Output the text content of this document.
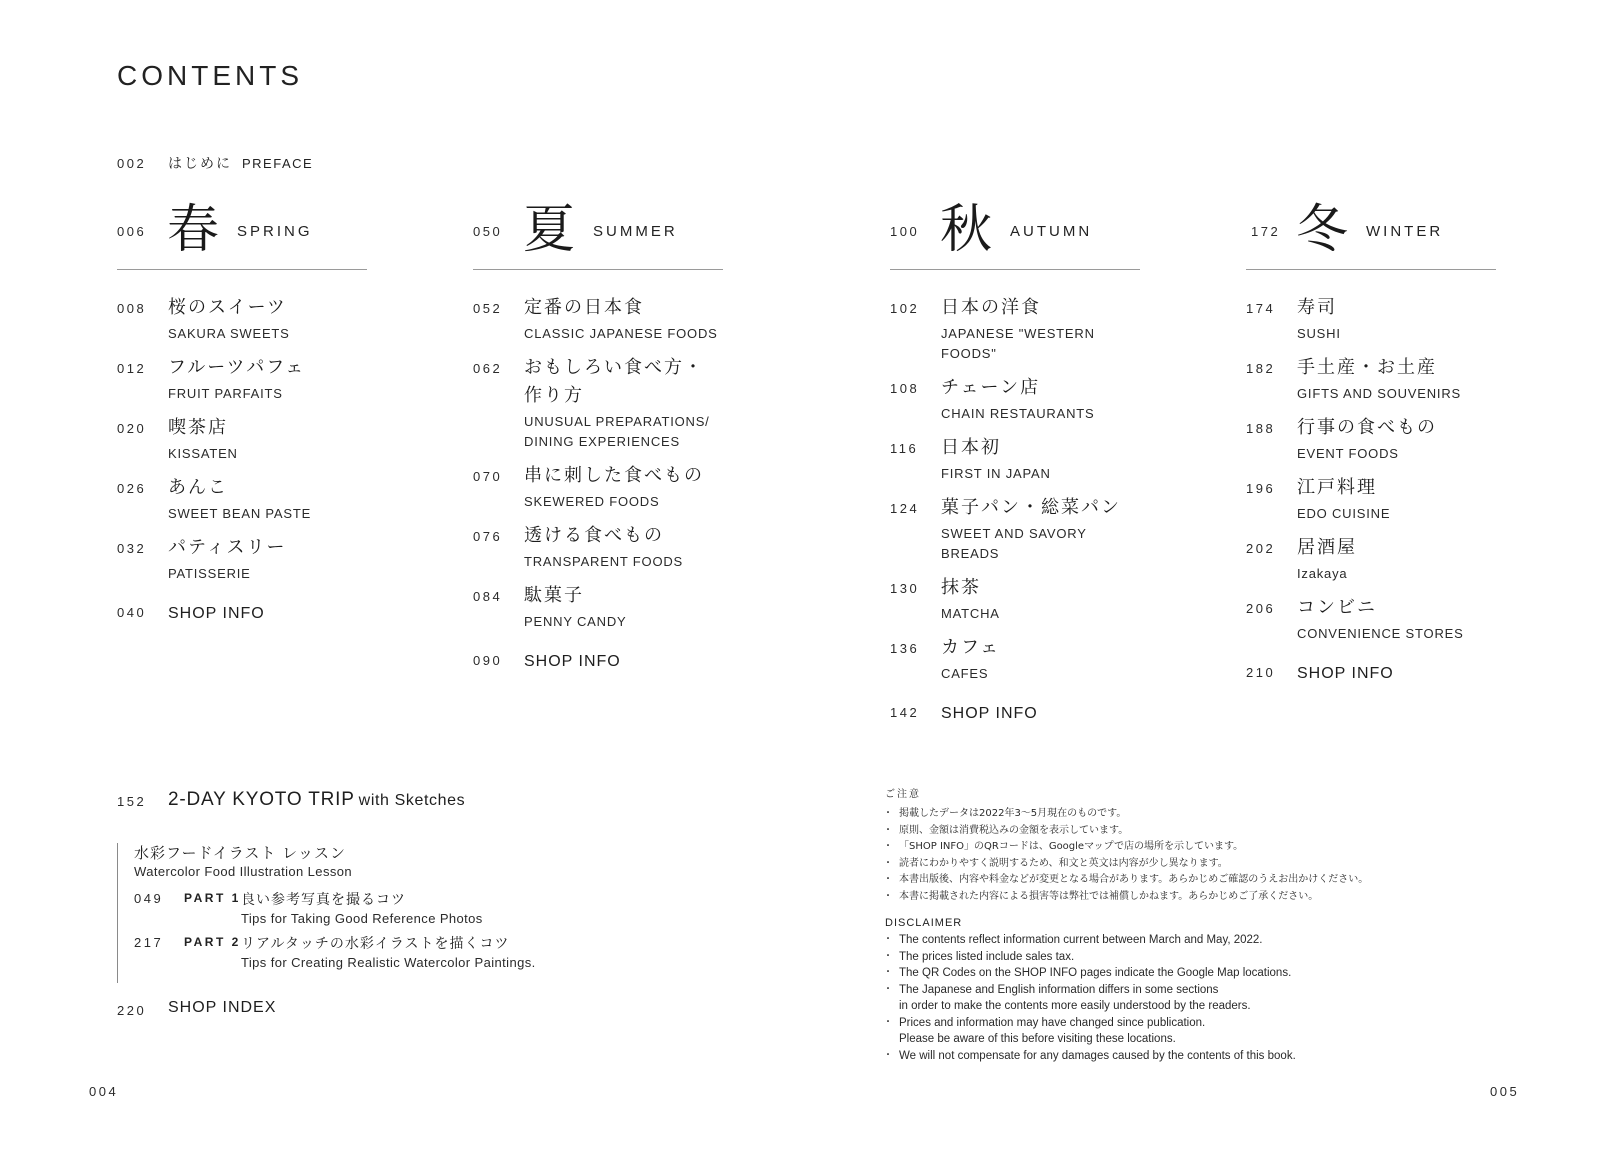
CONTENTS
002 はじめに PREFACE
006 春 SPRING
008 桜のスイーツ
SAKURA SWEETS
012 フルーツパフェ
FRUIT PARFAITS
020 喫茶店
KISSATEN
026 あんこ
SWEET BEAN PASTE
032 パティスリー
PATISSERIE
040 SHOP INFO
050 夏 SUMMER
052 定番の日本食
CLASSIC JAPANESE FOODS
062 おもしろい食べ方・
作り方
UNUSUAL PREPARATIONS/
DINING EXPERIENCES
070 串に刺した食べもの
SKEWERED FOODS
076 透ける食べもの
TRANSPARENT FOODS
084 駄菓子
PENNY CANDY
090 SHOP INFO
100 秋 AUTUMN
102 日本の洋食
JAPANESE "WESTERN FOODS"
108 チェーン店
CHAIN RESTAURANTS
116 日本初
FIRST IN JAPAN
124 菓子パン・総菜パン
SWEET AND SAVORY BREADS
130 抹茶
MATCHA
136 カフェ
CAFES
142 SHOP INFO
172 冬 WINTER
174 寿司
SUSHI
182 手土産・お土産
GIFTS AND SOUVENIRS
188 行事の食べもの
EVENT FOODS
196 江戸料理
EDO CUISINE
202 居酒屋
Izakaya
206 コンビニ
CONVENIENCE STORES
210 SHOP INFO
152 2-DAY KYOTO TRIP with Sketches
水彩フードイラスト レッスン
Watercolor Food Illustration Lesson
049 PART 1 良い参考写真を撮るコツ
Tips for Taking Good Reference Photos
217 PART 2 リアルタッチの水彩イラストを描くコツ
Tips for Creating Realistic Watercolor Paintings.
220 SHOP INDEX
ご注意
・ 掲載したデータは2022年3～5月現在のものです。
・ 原則、金額は消費税込みの金額を表示しています。
・ 「SHOP INFO」のQRコードは、Googleマップで店の場所を示しています。
・ 読者にわかりやすく説明するため、和文と英文は内容が少し異なります。
・ 本書出版後、内容や料金などが変更となる場合があります。あらかじめご確認のうえお出かけください。
・ 本書に掲載された内容による損害等は弊社では補償しかねます。あらかじめご了承ください。
DISCLAIMER
・ The contents reflect information current between March and May, 2022.
・ The prices listed include sales tax.
・ The QR Codes on the SHOP INFO pages indicate the Google Map locations.
・ The Japanese and English information differs in some sections
in order to make the contents more easily understood by the readers.
・ Prices and information may have changed since publication.
Please be aware of this before visiting these locations.
・ We will not compensate for any damages caused by the contents of this book.
004	005
